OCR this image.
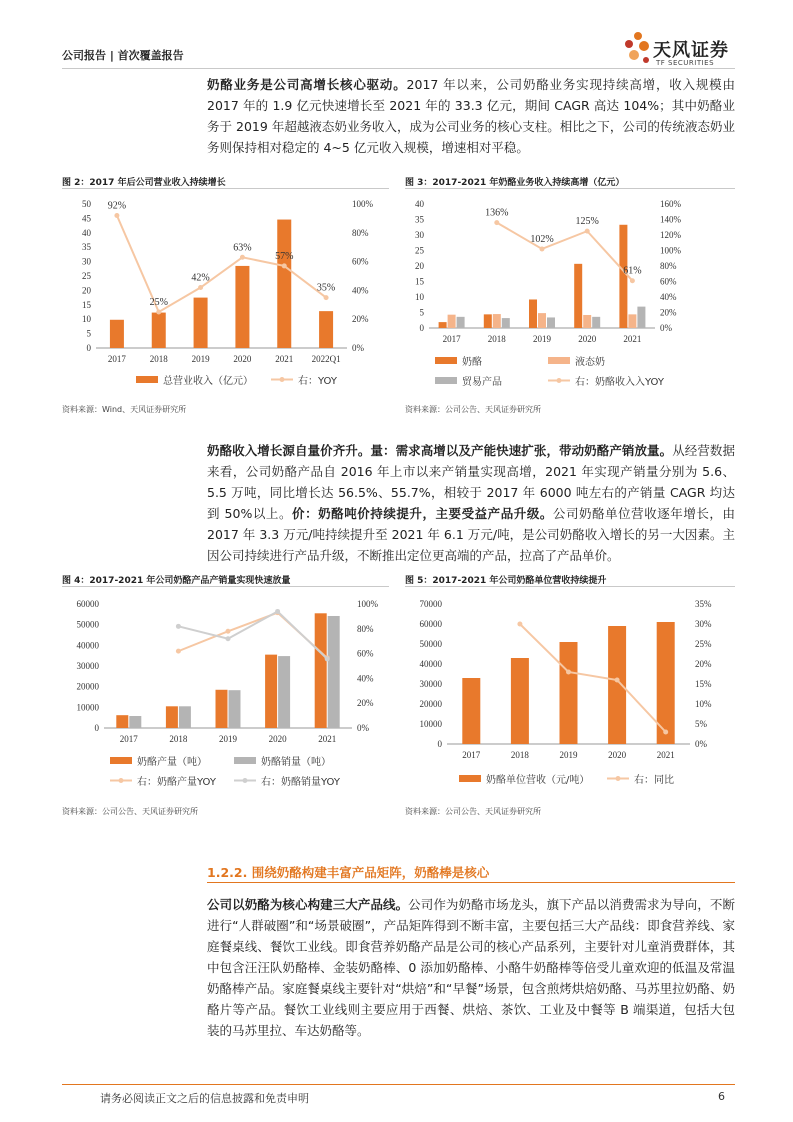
公司报告 | 首次覆盖报告	天风证券
TF SECURITIES
奶酪业务是公司高增长核心驱动。2017 年以来，公司奶酪业务实现持续高增，收入规模由 2017 年的 1.9 亿元快速增长至 2021 年的 33.3 亿元，期间 CAGR 高达 104%；其中奶酪业务于 2019 年超越液态奶业务收入，成为公司业务的核心支柱。相比之下，公司的传统液态奶业务则保持相对稳定的 4~5 亿元收入规模，增速相对平稳。
图 2：2017 年后公司营业收入持续增长
0
5
10
15
20
25
30
35
40
45
50
0%
20%
40%
60%
80%
100%
2017	2018	2019	2020	2021 2022Q1
92%
25%
42%
63%
57%
35%
总营业收入（亿元）	右：YOY
资料来源：Wind、天风证券研究所
图 3：2017-2021 年奶酪业务收入持续高增（亿元）
0
5
10
15
20
25
30
35
40
0%
20%
40%
60%
80%
100%
120%
140%
160%
2017	2018	2019	2020	2021
136%
102%
125%
61%
奶酪	液态奶
贸易产品	右：奶酪收入入YOY
资料来源：公司公告、天风证券研究所
奶酪收入增长源自量价齐升。量：需求高增以及产能快速扩张，带动奶酪产销放量。从经营数据来看，公司奶酪产品自 2016 年上市以来产销量实现高增，2021 年实现产销量分别为 5.6、5.5 万吨，同比增长达 56.5%、55.7%，相较于 2017 年 6000 吨左右的产销量 CAGR 均达到 50%以上。价：奶酪吨价持续提升，主要受益产品升级。公司奶酪单位营收逐年增长，由 2017 年 3.3 万元/吨持续提升至 2021 年 6.1 万元/吨，是公司奶酪收入增长的另一大因素。主因公司持续进行产品升级，不断推出定位更高端的产品，拉高了产品单价。
图 4：2017-2021 年公司奶酪产品产销量实现快速放量
0
10000
20000
30000
40000
50000
60000
0%
20%
40%
60%
80%
100%
2017	2018	2019	2020	2021
奶酪产量（吨）	奶酪销量（吨）
右：奶酪产量YOY	右：奶酪销量YOY
资料来源：公司公告、天风证券研究所
图 5：2017-2021 年公司奶酪单位营收持续提升
0
10000
20000
30000
40000
50000
60000
70000
0%
5%
10%
15%
20%
25%
30%
35%
2017	2018	2019	2020	2021
奶酪单位营收（元/吨）	右：同比
资料来源：公司公告、天风证券研究所
1.2.2. 围绕奶酪构建丰富产品矩阵，奶酪棒是核心
公司以奶酪为核心构建三大产品线。公司作为奶酪市场龙头，旗下产品以消费需求为导向，不断进行“人群破圈”和“场景破圈”，产品矩阵得到不断丰富，主要包括三大产品线：即食营养线、家庭餐桌线、餐饮工业线。即食营养奶酪产品是公司的核心产品系列，主要针对儿童消费群体，其中包含汪汪队奶酪棒、金装奶酪棒、0 添加奶酪棒、小酪牛奶酪棒等倍受儿童欢迎的低温及常温奶酪棒产品。家庭餐桌线主要针对“烘焙”和“早餐”场景，包含煎烤烘焙奶酪、马苏里拉奶酪、奶酪片等产品。餐饮工业线则主要应用于西餐、烘焙、茶饮、工业及中餐等 B 端渠道，包括大包装的马苏里拉、车达奶酪等。
请务必阅读正文之后的信息披露和免责申明	6
